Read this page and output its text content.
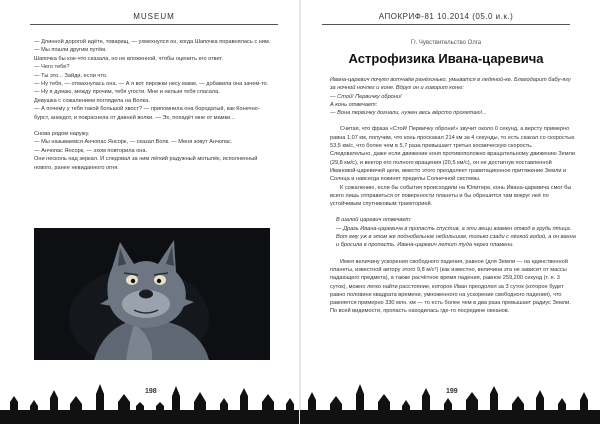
MUSEUM

— Длинной дорогой идёте, товарищ, — ухмехнулся он, когда Шапочка поравнялась с ним. — Мы пошли другим путём.

Шапочка бы кое-что сказала, но не вложенной, чтобы оценить его ответ.

— Чего тебе?

— Ты это... Зайди, если что.

— Ну тебя, — отмахнулась она. — А я вот пирожки несу маме, — добавила она зачем-то.

— Ну я думаю, между прочим, тебя угости. Мне и нельзя тебя спасала.

Девушка с сожалением поглядела на Волка.

— А почему у тебя такой большой хвост? — припомнила она бородатый, как Конечно-бурст, анекдот, и покраснела от давней волки. — Эх, попадёт мне от мамки...

Снова рядом наружу.

— Мы называемся Анчопас Янсорк, — сказал Волк. — Меня зовут Анчопас.

— Анчопас Янсорк, — эхом повторила она.

Они несколь над зеркал. И следовал за ним лёгкий радужный мотылёк, исполненный нового, ранее невиданного огня.

198
АПОКРИФ-81 10.2014 (05.0 и.к.)
Гг. Чувствительство Олга
Астрофизика Ивана-царевича

Ивана-царевич почуял вотчаём ранёхонько, умыватся в ледяной-ке. Благодарит бабу-ягу за ночной ночлег и коня. Вдруг он и говорит коню:

— Стой! Первичку оброни!

А конь отвечает:

— Вона первичку догнали, нужен весь вёрсто пролетаю!...

Считая, что фраза «Стой! Первичку оброни!» звучит около 0 секунд, а версту примерно равна 1,07 км, получим, что конь проскакал 214 км за 4 секунды, то есть скакал со скоростью 53,5 км/с, что более чем в 5,7 раза превышает третью космическую скорость. Следовательно, даже если движение коня противоположно вращательному движению Земли (29,8 км/с), и вектор его полного вращения (20,5 км/с), он не достигнув поставленной Ивановой-царевичей цели, вместо этого преодолеет гравитационное притяжение Земли и Солнца и навсегда покинет пределы Солнечной системы.

К сожалению, если бы события происходили на Юпитере, конь Ивана-царевича смог бы всего лишь отправиться от поверхности планеты и бы обрешится там вокруг неё по устойчивым спутниковым траекторией.

В шалой царевич отвечает:

— Дразь Ивана-царевича в пропасть спустив, а эти вещи взамен отвод в грудь птица.

Вот ему уж в этом же поднобельное небольшом, только сзади с лёгкой водой, а он ванна и бросила в пропасть. Ивана-царевич летит туда через пламени.

Имея величину ускорения свободного падения, равное (для Земли — на единственной планеты, известной автору этого 9,8 м/с²) (как известно, величина эта не зависит от массы падающего предмета), а также расчётное время падения, равное 259,200 секунд (т. е. 3 суток), можно легко найти расстояние, которое Иван преодолел за 3 суток (которое будет равно половине квадрата времени, умноженного на ускорение свободного падения), что равняется примерно 330 млн. км — то есть более чем в два раза превышает радиус Земли. По всей видимости, пропасть находилась где-то посредине океанов.

199
